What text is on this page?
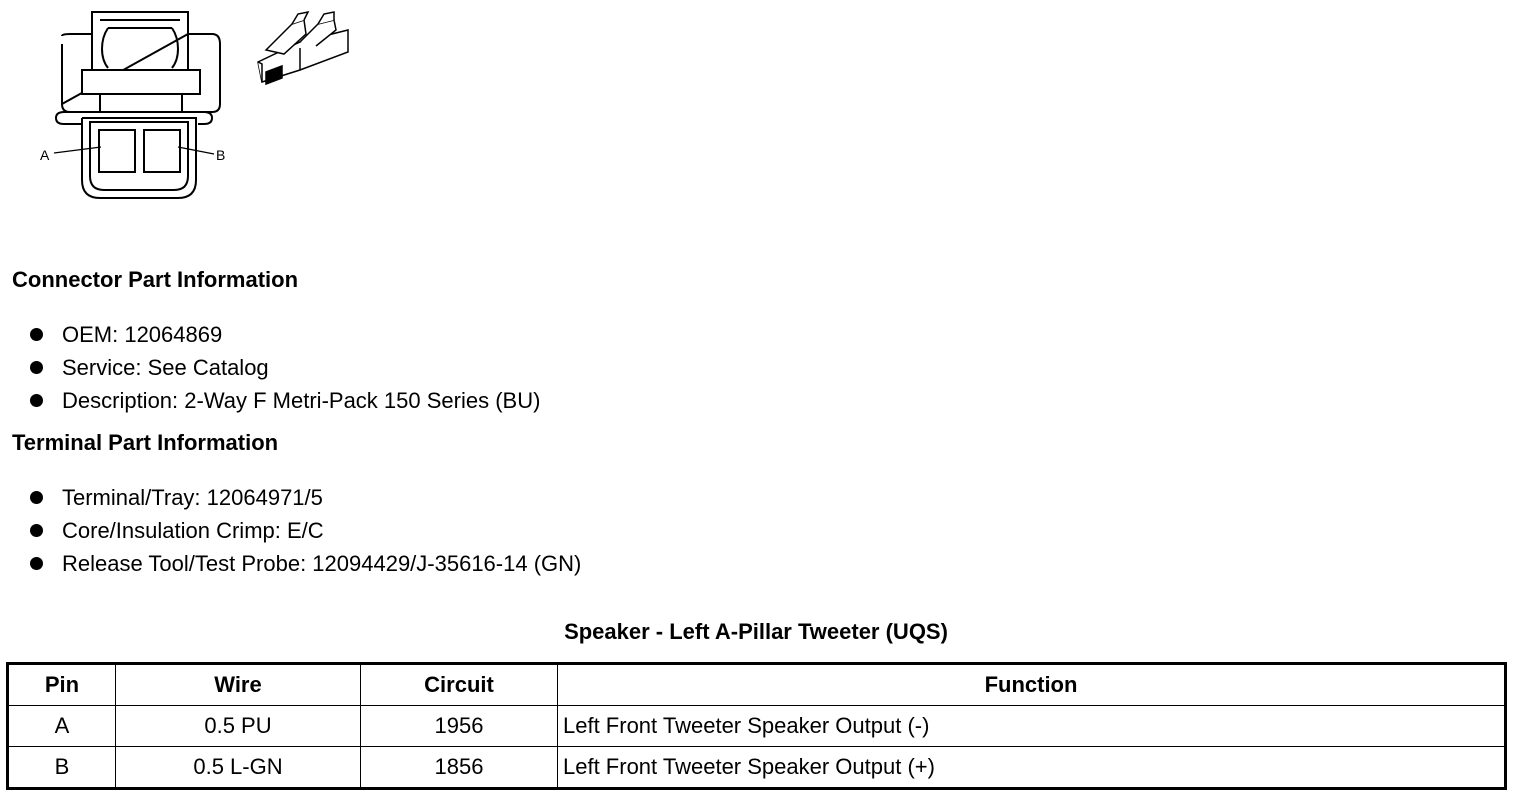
A	B
Connector Part Information
OEM: 12064869
Service: See Catalog
Description: 2-Way F Metri-Pack 150 Series (BU)
Terminal Part Information
Terminal/Tray: 12064971/5
Core/Insulation Crimp: E/C
Release Tool/Test Probe: 12094429/J-35616-14 (GN)
Speaker - Left A-Pillar Tweeter (UQS)
Pin	Wire	Circuit	Function
A	0.5 PU	1956	Left Front Tweeter Speaker Output (-)
B	0.5 L-GN	1856	Left Front Tweeter Speaker Output (+)
